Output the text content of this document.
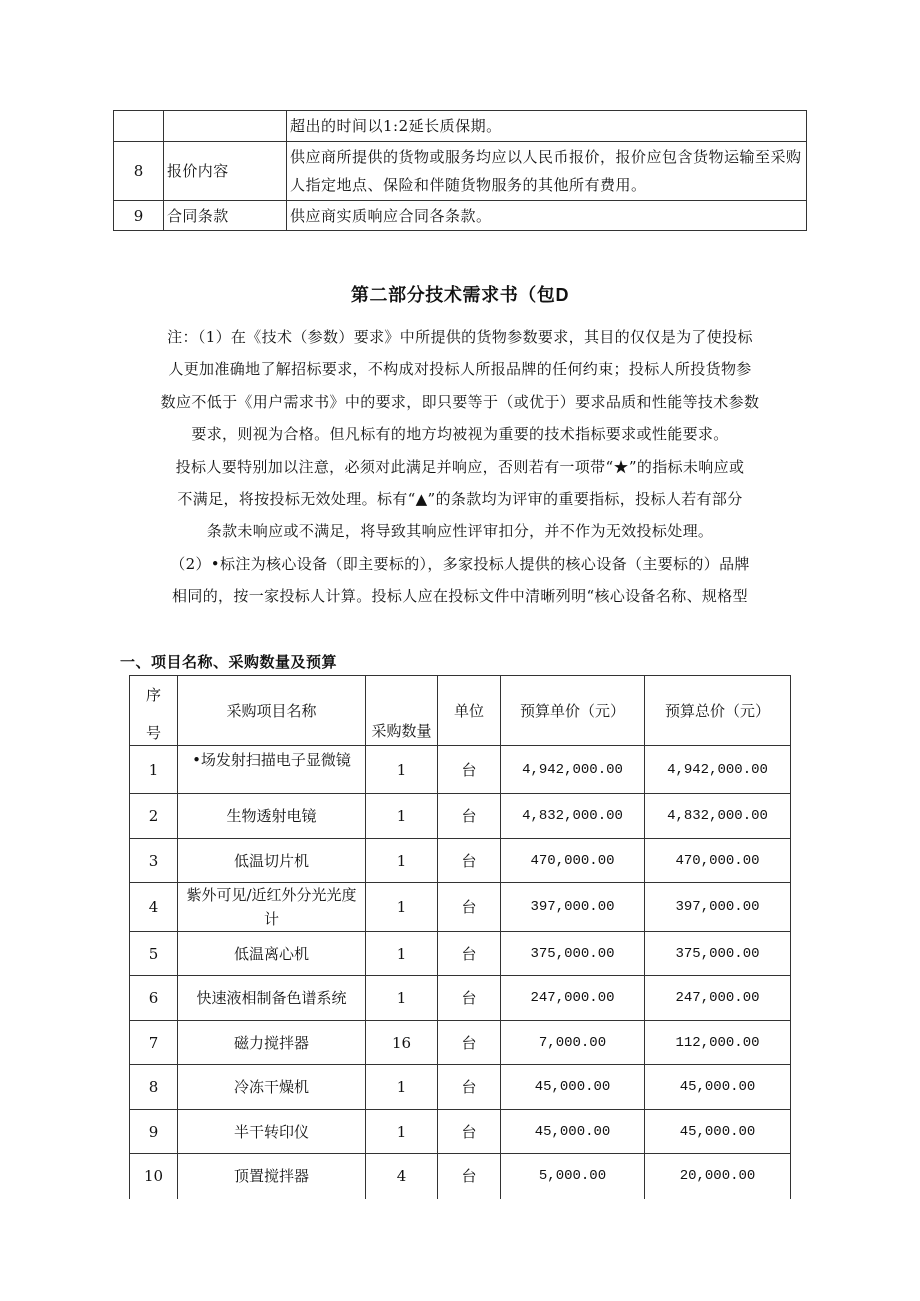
		超出的时间以1:2延长质保期。

8	报价内容	供应商所提供的货物或服务均应以人民币报价，报价应包含货物运输至采购
人指定地点、保险和伴随货物服务的其他所有费用。

9	合同条款	供应商实质响应合同各条款。
第二部分技术需求书（包D
注：（1）在《技术（参数）要求》中所提供的货物参数要求，其目的仅仅是为了使投标
人更加准确地了解招标要求，不构成对投标人所报品牌的任何约束；投标人所投货物参
数应不低于《用户需求书》中的要求，即只要等于（或优于）要求品质和性能等技术参数
要求，则视为合格。但凡标有的地方均被视为重要的技术指标要求或性能要求。
投标人要特别加以注意，必须对此满足并响应，否则若有一项带“★”的指标未响应或
不满足，将按投标无效处理。标有“▲”的条款均为评审的重要指标，投标人若有部分
条款未响应或不满足，将导致其响应性评审扣分，并不作为无效投标处理。
（2）•标注为核心设备（即主要标的），多家投标人提供的核心设备（主要标的）品牌
相同的，按一家投标人计算。投标人应在投标文件中清晰列明“核心设备名称、规格型
一、项目名称、采购数量及预算
序号	采购项目名称	采购数量	单位	预算单价（元）	预算总价（元）
1	•场发射扫描电子显微镜	1	台	4,942,000.00	4,942,000.00
2	生物透射电镜	1	台	4,832,000.00	4,832,000.00
3	低温切片机	1	台	470,000.00	470,000.00
4	紫外可见/近红外分光光度计	1	台	397,000.00	397,000.00
5	低温离心机	1	台	375,000.00	375,000.00
6	快速液相制备色谱系统	1	台	247,000.00	247,000.00
7	磁力搅拌器	16	台	7,000.00	112,000.00
8	冷冻干燥机	1	台	45,000.00	45,000.00
9	半干转印仪	1	台	45,000.00	45,000.00
10	顶置搅拌器	4	台	5,000.00	20,000.00
